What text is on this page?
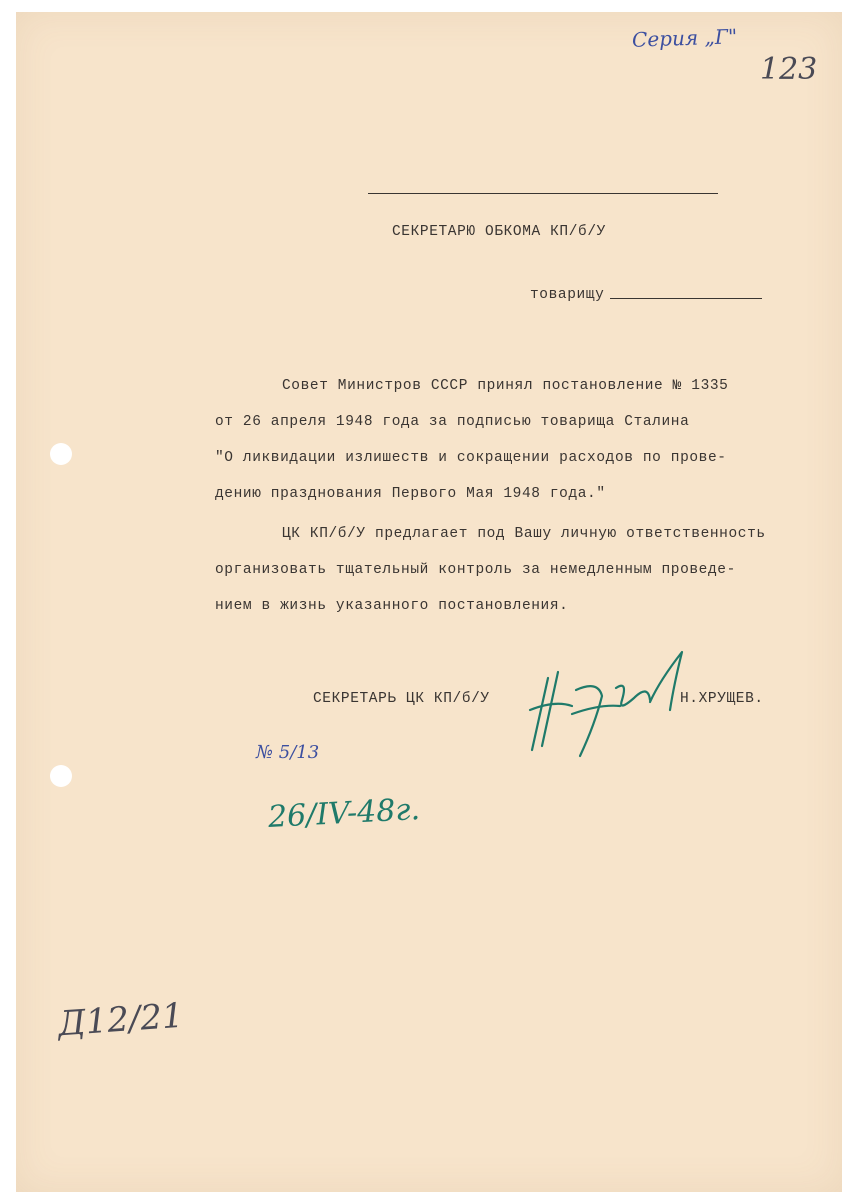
Серия „Г"
123
СЕКРЕТАРЮ ОБКОМА КП/б/У
товарищу
Совет Министров СССР принял постановление № 1335
от 26 апреля 1948 года за подписью товарища Сталина
"О ликвидации излишеств и сокращении расходов по прове-
дению празднования Первого Мая 1948 года."
ЦК КП/б/У предлагает под Вашу личную ответственность
организовать тщательный контроль за немедленным проведе-
нием в жизнь указанного постановления.
СЕКРЕТАРЬ ЦК КП/б/У	Н.ХРУЩЕВ.
№ 5/13
26/IV-48г.
Д12/21
